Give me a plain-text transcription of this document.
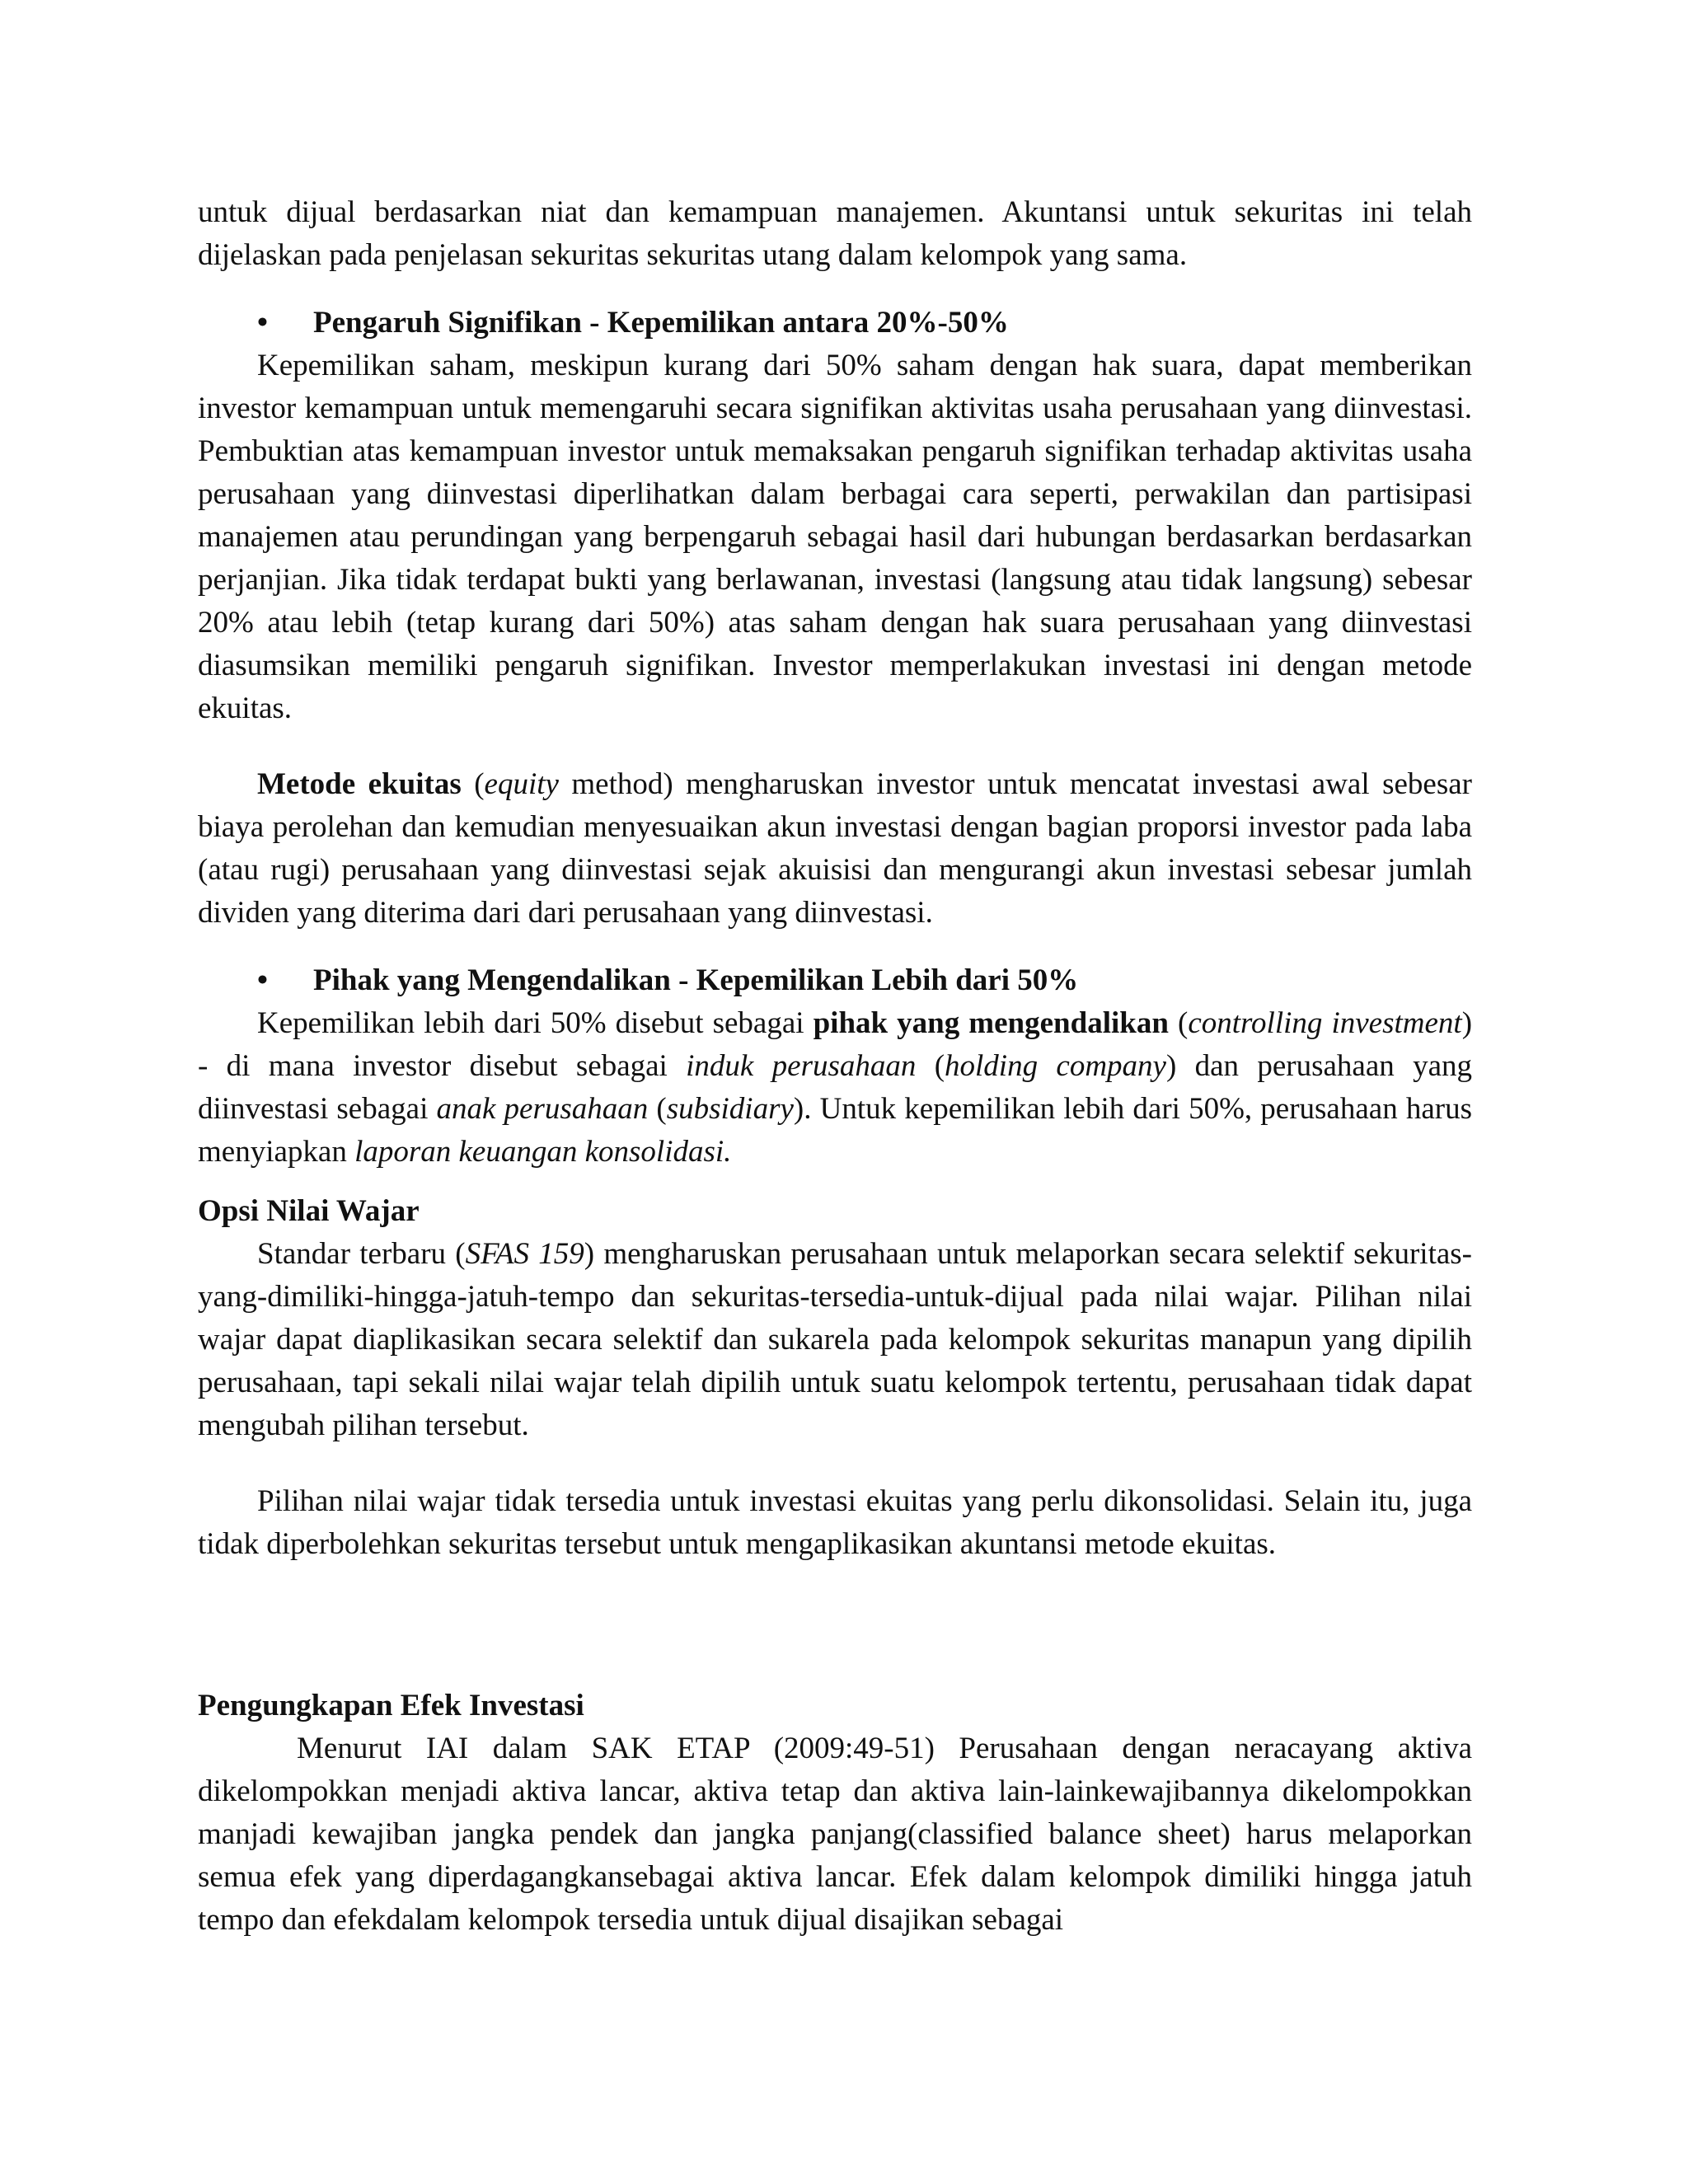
untuk dijual berdasarkan niat dan kemampuan manajemen. Akuntansi untuk sekuritas ini telah dijelaskan pada penjelasan sekuritas sekuritas utang dalam kelompok yang sama.

•	Pengaruh Signifikan - Kepemilikan antara 20%-50%

Kepemilikan saham, meskipun kurang dari 50% saham dengan hak suara, dapat memberikan investor kemampuan untuk memengaruhi secara signifikan aktivitas usaha perusahaan yang diinvestasi. Pembuktian atas kemampuan investor untuk memaksakan pengaruh signifikan terhadap aktivitas usaha perusahaan yang diinvestasi diperlihatkan dalam berbagai cara seperti, perwakilan dan partisipasi manajemen atau perundingan yang berpengaruh sebagai hasil dari hubungan berdasarkan berdasarkan perjanjian. Jika tidak terdapat bukti yang berlawanan, investasi (langsung atau tidak langsung) sebesar 20% atau lebih (tetap kurang dari 50%) atas saham dengan hak suara perusahaan yang diinvestasi diasumsikan memiliki pengaruh signifikan. Investor memperlakukan investasi ini dengan metode ekuitas.

Metode ekuitas (equity method) mengharuskan investor untuk mencatat investasi awal sebesar biaya perolehan dan kemudian menyesuaikan akun investasi dengan bagian proporsi investor pada laba (atau rugi) perusahaan yang diinvestasi sejak akuisisi dan mengurangi akun investasi sebesar jumlah dividen yang diterima dari dari perusahaan yang diinvestasi.

•	Pihak yang Mengendalikan - Kepemilikan Lebih dari 50%

Kepemilikan lebih dari 50% disebut sebagai pihak yang mengendalikan (controlling investment) - di mana investor disebut sebagai induk perusahaan (holding company) dan perusahaan yang diinvestasi sebagai anak perusahaan (subsidiary). Untuk kepemilikan lebih dari 50%, perusahaan harus menyiapkan laporan keuangan konsolidasi.

Opsi Nilai Wajar

Standar terbaru (SFAS 159) mengharuskan perusahaan untuk melaporkan secara selektif sekuritas-yang-dimiliki-hingga-jatuh-tempo dan sekuritas-tersedia-untuk-dijual pada nilai wajar. Pilihan nilai wajar dapat diaplikasikan secara selektif dan sukarela pada kelompok sekuritas manapun yang dipilih perusahaan, tapi sekali nilai wajar telah dipilih untuk suatu kelompok tertentu, perusahaan tidak dapat mengubah pilihan tersebut.

Pilihan nilai wajar tidak tersedia untuk investasi ekuitas yang perlu dikonsolidasi. Selain itu, juga tidak diperbolehkan sekuritas tersebut untuk mengaplikasikan akuntansi metode ekuitas.

Pengungkapan Efek Investasi

Menurut IAI dalam SAK ETAP (2009:49-51) Perusahaan dengan neracayang aktiva dikelompokkan menjadi aktiva lancar, aktiva tetap dan aktiva lain-lainkewajibannya dikelompokkan manjadi kewajiban jangka pendek dan jangka panjang(classified balance sheet) harus melaporkan semua efek yang diperdagangkansebagai aktiva lancar. Efek dalam kelompok dimiliki hingga jatuh tempo dan efekdalam kelompok tersedia untuk dijual disajikan sebagai
